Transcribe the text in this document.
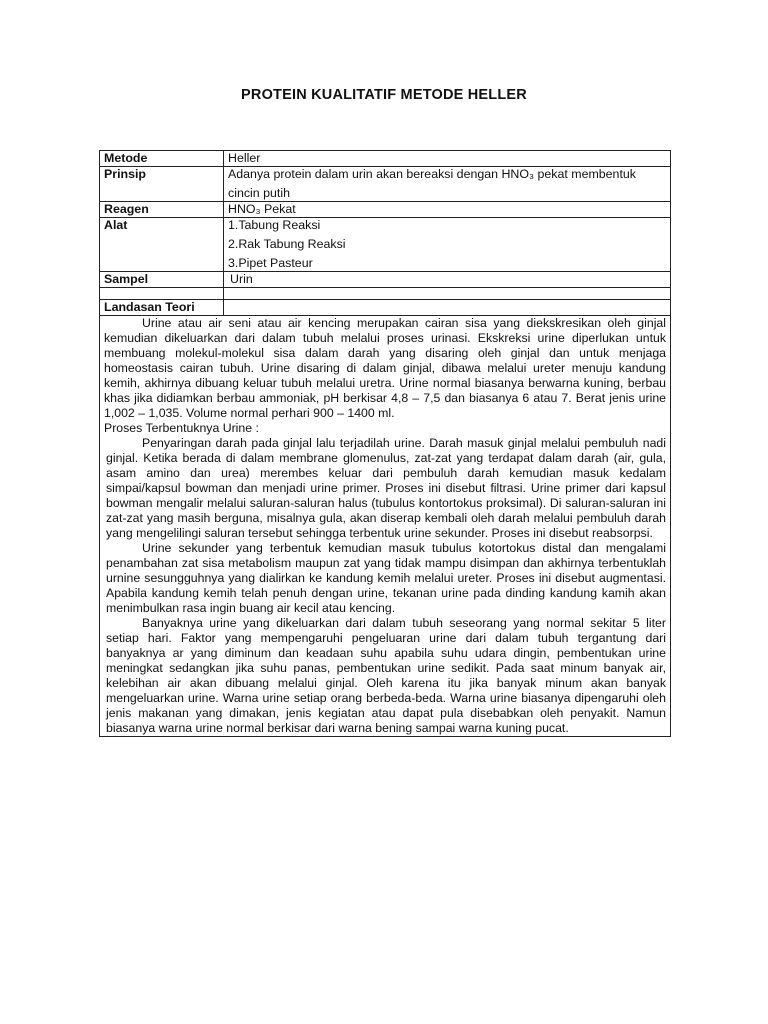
PROTEIN KUALITATIF METODE HELLER
Metode	Heller
Prinsip	Adanya protein dalam urin akan bereaksi dengan HNO₃ pekat membentuk
cincin putih

Reagen	HNO₃ Pekat
Alat	1.Tabung Reaksi
2.Rak Tabung Reaksi
3.Pipet Pasteur

Sampel	Urin

Landasan Teori	

Urine atau air seni atau air kencing merupakan cairan sisa yang diekskresikan oleh ginjal kemudian dikeluarkan dari dalam tubuh melalui proses urinasi. Ekskreksi urine diperlukan untuk membuang molekul-molekul sisa dalam darah yang disaring oleh ginjal dan untuk menjaga homeostasis cairan tubuh. Urine disaring di dalam ginjal, dibawa melalui ureter menuju kandung kemih, akhirnya dibuang keluar tubuh melalui uretra. Urine normal biasanya berwarna kuning, berbau khas jika didiamkan berbau ammoniak, pH berkisar 4,8 – 7,5 dan biasanya 6 atau 7. Berat jenis urine 1,002 – 1,035. Volume normal perhari 900 – 1400 ml.

Proses Terbentuknya Urine :

Penyaringan darah pada ginjal lalu terjadilah urine. Darah masuk ginjal melalui pembuluh nadi ginjal. Ketika berada di dalam membrane glomenulus, zat-zat yang terdapat dalam darah (air, gula, asam amino dan urea) merembes keluar dari pembuluh darah kemudian masuk kedalam simpai/kapsul bowman dan menjadi urine primer. Proses ini disebut filtrasi. Urine primer dari kapsul bowman mengalir melalui saluran-saluran halus (tubulus kontortokus proksimal). Di saluran-saluran ini zat-zat yang masih berguna, misalnya gula, akan diserap kembali oleh darah melalui pembuluh darah yang mengelilingi saluran tersebut sehingga terbentuk urine sekunder. Proses ini disebut reabsorpsi.

Urine sekunder yang terbentuk kemudian masuk tubulus kotortokus distal dan mengalami penambahan zat sisa metabolism maupun zat yang tidak mampu disimpan dan akhirnya terbentuklah urnine sesungguhnya yang dialirkan ke kandung kemih melalui ureter. Proses ini disebut augmentasi. Apabila kandung kemih telah penuh dengan urine, tekanan urine pada dinding kandung kamih akan menimbulkan rasa ingin buang air kecil atau kencing.

Banyaknya urine yang dikeluarkan dari dalam tubuh seseorang yang normal sekitar 5 liter setiap hari. Faktor yang mempengaruhi pengeluaran urine dari dalam tubuh tergantung dari banyaknya ar yang diminum dan keadaan suhu apabila suhu udara dingin, pembentukan urine meningkat sedangkan jika suhu panas, pembentukan urine sedikit. Pada saat minum banyak air, kelebihan air akan dibuang melalui ginjal. Oleh karena itu jika banyak minum akan banyak mengeluarkan urine. Warna urine setiap orang berbeda-beda. Warna urine biasanya dipengaruhi oleh jenis makanan yang dimakan, jenis kegiatan atau dapat pula disebabkan oleh penyakit. Namun biasanya warna urine normal berkisar dari warna bening sampai warna kuning pucat.	
